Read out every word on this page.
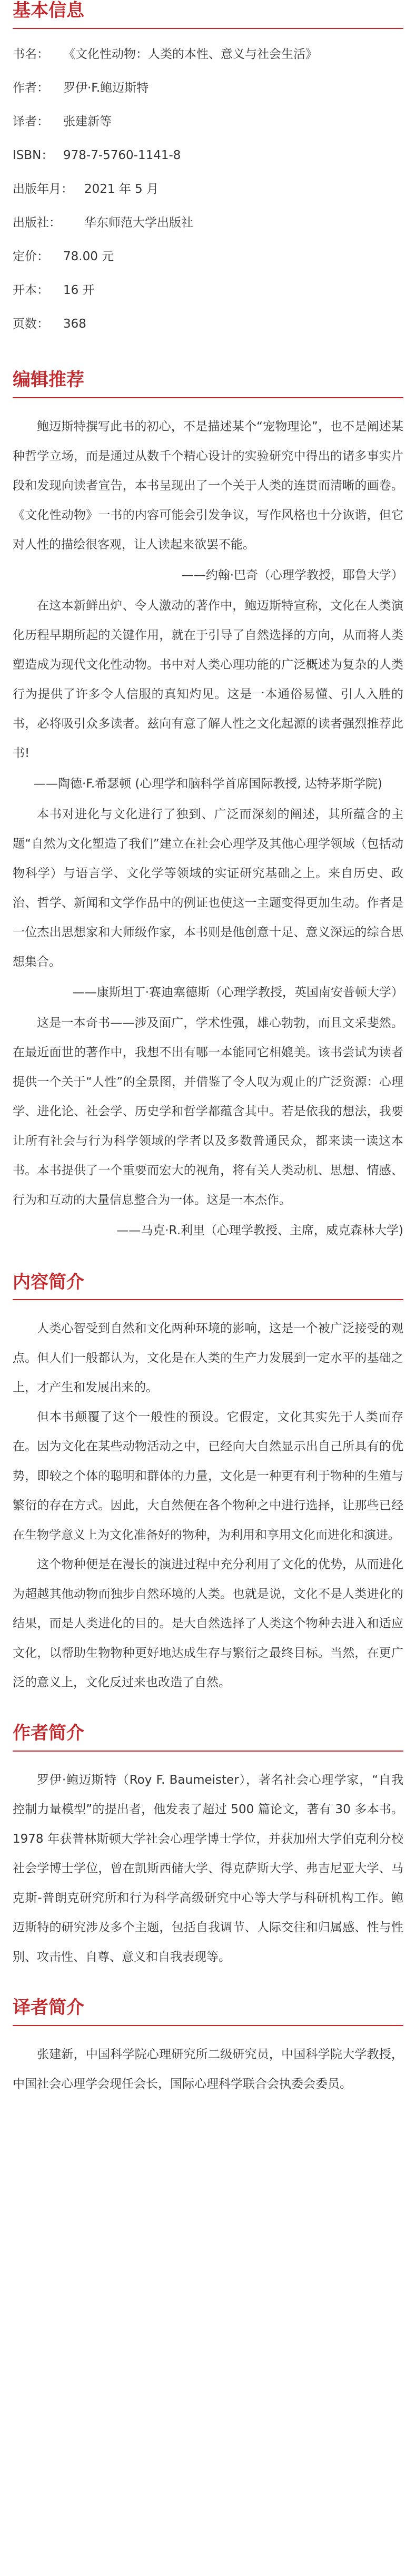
基本信息
书名： 《文化性动物：人类的本性、意义与社会生活》
作者： 罗伊·F.鲍迈斯特
译者： 张建新等
ISBN： 978-7-5760-1141-8
出版年月： 2021 年 5 月
出版社： 华东师范大学出版社
定价： 78.00 元
开本： 16 开
页数： 368
编辑推荐

鲍迈斯特撰写此书的初心，不是描述某个“宠物理论”，也不是阐述某种哲学立场，而是通过从数千个精心设计的实验研究中得出的诸多事实片段和发现向读者宣告，本书呈现出了一个关于人类的连贯而清晰的画卷。《文化性动物》一书的内容可能会引发争议，写作风格也十分诙谐，但它对人性的描绘很客观，让人读起来欲罢不能。

——约翰·巴奇（心理学教授，耶鲁大学）

在这本新鲜出炉、令人激动的著作中，鲍迈斯特宣称，文化在人类演化历程早期所起的关键作用，就在于引导了自然选择的方向，从而将人类塑造成为现代文化性动物。书中对人类心理功能的广泛概述为复杂的人类行为提供了许多令人信服的真知灼见。这是一本通俗易懂、引人入胜的书，必将吸引众多读者。兹向有意了解人性之文化起源的读者强烈推荐此书!

——陶德·F.希瑟顿 (心理学和脑科学首席国际教授, 达特茅斯学院)

本书对进化与文化进行了独到、广泛而深刻的阐述，其所蕴含的主题“自然为文化塑造了我们”建立在社会心理学及其他心理学领域（包括动物科学）与语言学、文化学等领域的实证研究基础之上。来自历史、政治、哲学、新闻和文学作品中的例证也使这一主题变得更加生动。作者是一位杰出思想家和大师级作家，本书则是他创意十足、意义深远的综合思想集合。

——康斯坦丁·赛迪塞德斯（心理学教授，英国南安普顿大学）

这是一本奇书——涉及面广，学术性强，雄心勃勃，而且文采斐然。在最近面世的著作中，我想不出有哪一本能同它相媲美。该书尝试为读者提供一个关于“人性”的全景图，并借鉴了令人叹为观止的广泛资源：心理学、进化论、社会学、历史学和哲学都蕴含其中。若是依我的想法，我要让所有社会与行为科学领域的学者以及多数普通民众，都来读一读这本书。本书提供了一个重要而宏大的视角，将有关人类动机、思想、情感、行为和互动的大量信息整合为一体。这是一本杰作。

——马克·R.利里（心理学教授、主席，威克森林大学)

内容简介

人类心智受到自然和文化两种环境的影响，这是一个被广泛接受的观点。但人们一般都认为，文化是在人类的生产力发展到一定水平的基础之上，才产生和发展出来的。

但本书颠覆了这个一般性的预设。它假定，文化其实先于人类而存在。因为文化在某些动物活动之中，已经向大自然显示出自己所具有的优势，即较之个体的聪明和群体的力量，文化是一种更有利于物种的生殖与繁衍的存在方式。因此，大自然便在各个物种之中进行选择，让那些已经在生物学意义上为文化准备好的物种，为利用和享用文化而进化和演进。

这个物种便是在漫长的演进过程中充分利用了文化的优势，从而进化为超越其他动物而独步自然环境的人类。也就是说，文化不是人类进化的结果，而是人类进化的目的。是大自然选择了人类这个物种去进入和适应文化，以帮助生物物种更好地达成生存与繁衍之最终目标。当然，在更广泛的意义上，文化反过来也改造了自然。

作者简介

罗伊·鲍迈斯特（Roy F. Baumeister），著名社会心理学家，“自我控制力量模型”的提出者，他发表了超过 500 篇论文，著有 30 多本书。1978 年获普林斯顿大学社会心理学博士学位，并获加州大学伯克利分校社会学博士学位，曾在凯斯西储大学、得克萨斯大学、弗吉尼亚大学、马克斯-普朗克研究所和行为科学高级研究中心等大学与科研机构工作。鲍迈斯特的研究涉及多个主题，包括自我调节、人际交往和归属感、性与性别、攻击性、自尊、意义和自我表现等。

译者简介

张建新，中国科学院心理研究所二级研究员，中国科学院大学教授，中国社会心理学会现任会长，国际心理科学联合会执委会委员。
